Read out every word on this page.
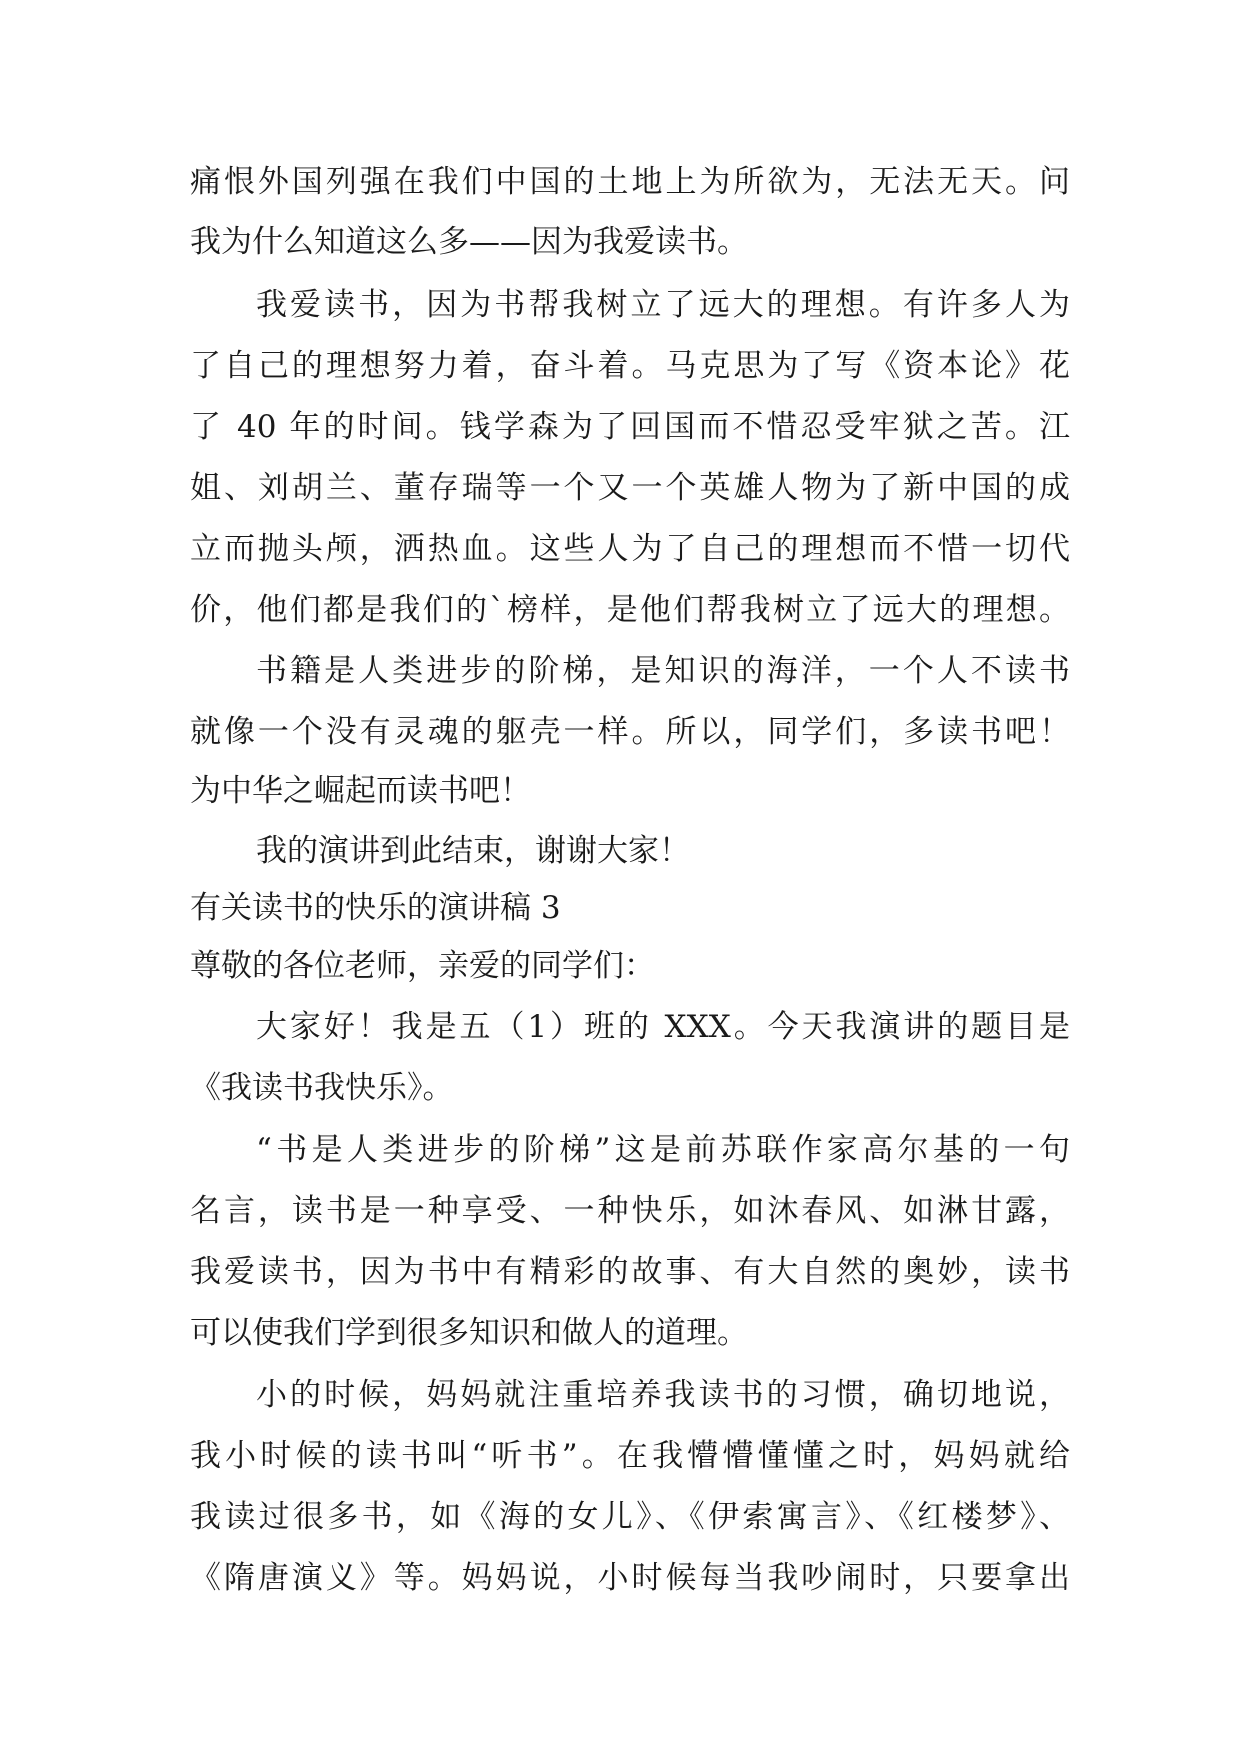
痛恨外国列强在我们中国的土地上为所欲为，无法无天。问
我为什么知道这么多——因为我爱读书。
我爱读书，因为书帮我树立了远大的理想。有许多人为
了自己的理想努力着，奋斗着。马克思为了写《资本论》花
了 40 年的时间。钱学森为了回国而不惜忍受牢狱之苦。江
姐、刘胡兰、董存瑞等一个又一个英雄人物为了新中国的成
立而抛头颅，洒热血。这些人为了自己的理想而不惜一切代
价，他们都是我们的`榜样，是他们帮我树立了远大的理想。
书籍是人类进步的阶梯，是知识的海洋，一个人不读书
就像一个没有灵魂的躯壳一样。所以，同学们，多读书吧！
为中华之崛起而读书吧！
我的演讲到此结束，谢谢大家！
有关读书的快乐的演讲稿 3
尊敬的各位老师，亲爱的同学们：
大家好！我是五（1）班的 XXX。今天我演讲的题目是
《我读书我快乐》。
“书是人类进步的阶梯”这是前苏联作家高尔基的一句
名言，读书是一种享受、一种快乐，如沐春风、如淋甘露，
我爱读书，因为书中有精彩的故事、有大自然的奥妙，读书
可以使我们学到很多知识和做人的道理。
小的时候，妈妈就注重培养我读书的习惯，确切地说，
我小时候的读书叫“听书”。在我懵懵懂懂之时，妈妈就给
我读过很多书，如《海的女儿》、《伊索寓言》、《红楼梦》、
《隋唐演义》等。妈妈说，小时候每当我吵闹时，只要拿出
